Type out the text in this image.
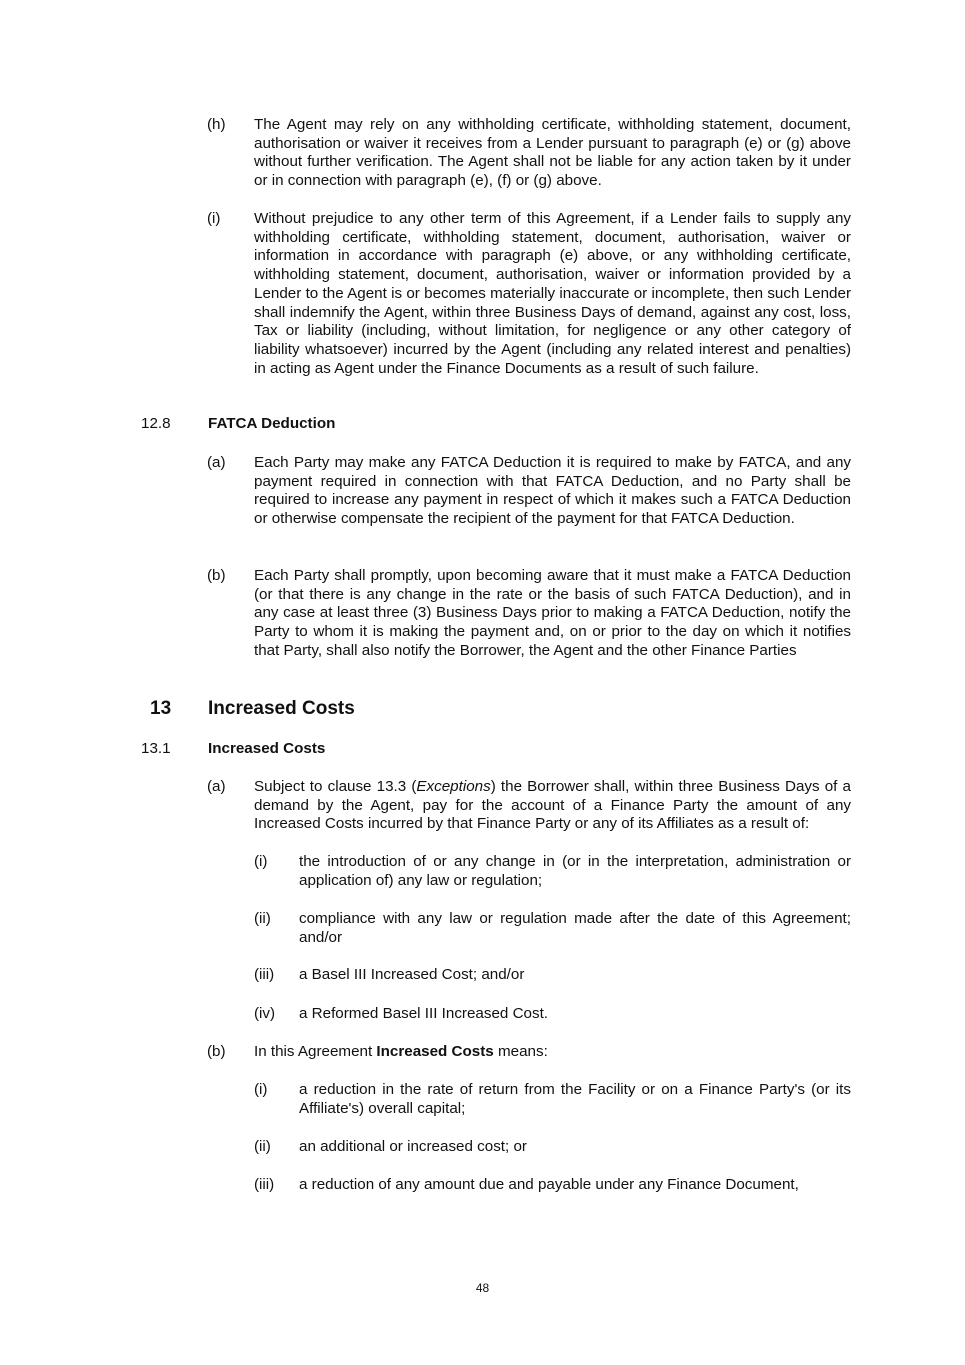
(h) The Agent may rely on any withholding certificate, withholding statement, document, authorisation or waiver it receives from a Lender pursuant to paragraph (e) or (g) above without further verification. The Agent shall not be liable for any action taken by it under or in connection with paragraph (e), (f) or (g) above.
(i) Without prejudice to any other term of this Agreement, if a Lender fails to supply any withholding certificate, withholding statement, document, authorisation, waiver or information in accordance with paragraph (e) above, or any withholding certificate, withholding statement, document, authorisation, waiver or information provided by a Lender to the Agent is or becomes materially inaccurate or incomplete, then such Lender shall indemnify the Agent, within three Business Days of demand, against any cost, loss, Tax or liability (including, without limitation, for negligence or any other category of liability whatsoever) incurred by the Agent (including any related interest and penalties) in acting as Agent under the Finance Documents as a result of such failure.
12.8 FATCA Deduction
(a) Each Party may make any FATCA Deduction it is required to make by FATCA, and any payment required in connection with that FATCA Deduction, and no Party shall be required to increase any payment in respect of which it makes such a FATCA Deduction or otherwise compensate the recipient of the payment for that FATCA Deduction.
(b) Each Party shall promptly, upon becoming aware that it must make a FATCA Deduction (or that there is any change in the rate or the basis of such FATCA Deduction), and in any case at least three (3) Business Days prior to making a FATCA Deduction, notify the Party to whom it is making the payment and, on or prior to the day on which it notifies that Party, shall also notify the Borrower, the Agent and the other Finance Parties
13 Increased Costs
13.1 Increased Costs
(a) Subject to clause 13.3 (Exceptions) the Borrower shall, within three Business Days of a demand by the Agent, pay for the account of a Finance Party the amount of any Increased Costs incurred by that Finance Party or any of its Affiliates as a result of:
(i) the introduction of or any change in (or in the interpretation, administration or application of) any law or regulation;
(ii) compliance with any law or regulation made after the date of this Agreement; and/or
(iii) a Basel III Increased Cost; and/or
(iv) a Reformed Basel III Increased Cost.
(b) In this Agreement Increased Costs means:
(i) a reduction in the rate of return from the Facility or on a Finance Party's (or its Affiliate's) overall capital;
(ii) an additional or increased cost; or
(iii) a reduction of any amount due and payable under any Finance Document,
48
